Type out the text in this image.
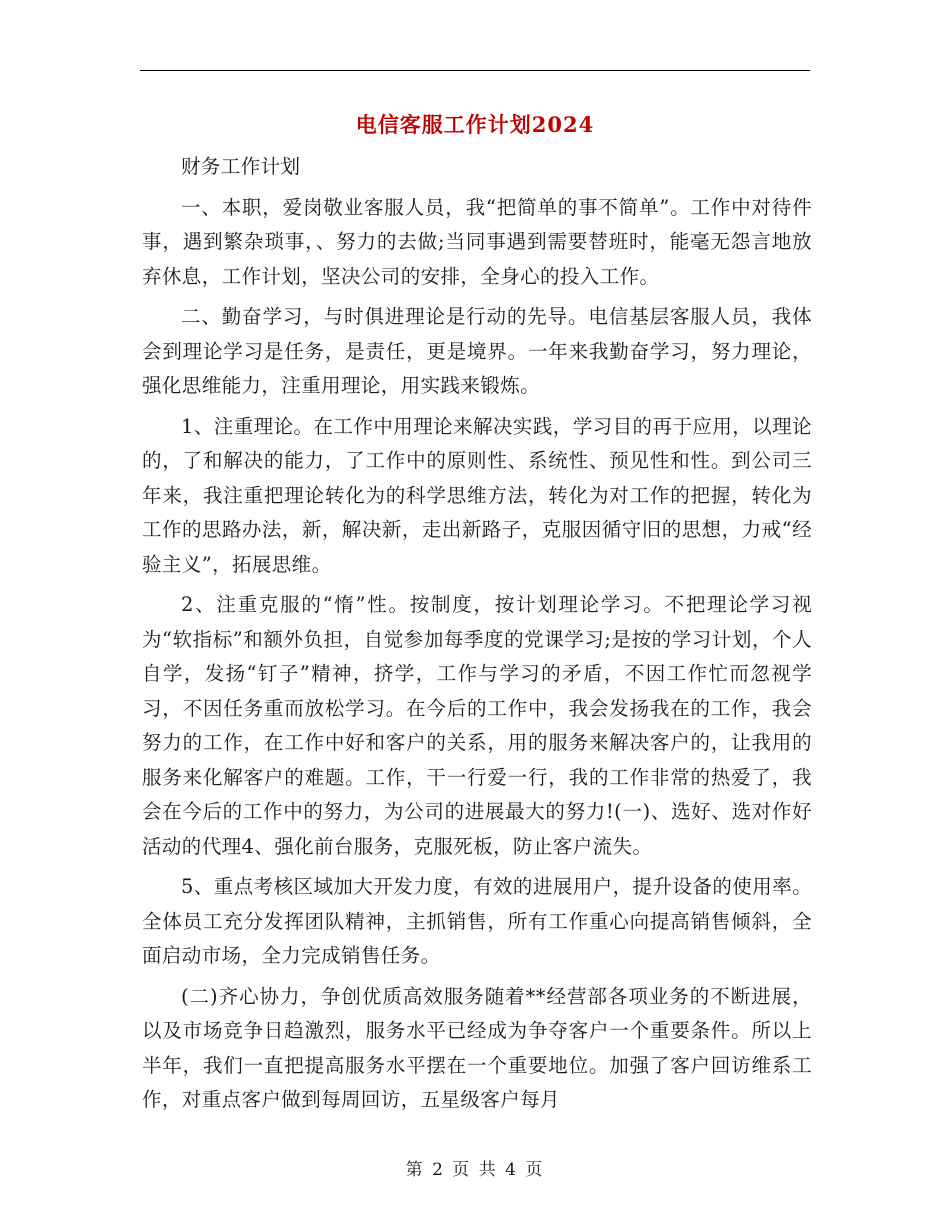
电信客服工作计划2024

财务工作计划

一、本职，爱岗敬业客服人员，我“把简单的事不简单”。工作中对待件事，遇到繁杂琐事，、努力的去做;当同事遇到需要替班时，能毫无怨言地放弃休息，工作计划，坚决公司的安排，全身心的投入工作。

二、勤奋学习，与时俱进理论是行动的先导。电信基层客服人员，我体会到理论学习是任务，是责任，更是境界。一年来我勤奋学习，努力理论，强化思维能力，注重用理论，用实践来锻炼。

1、注重理论。在工作中用理论来解决实践，学习目的再于应用，以理论的，了和解决的能力，了工作中的原则性、系统性、预见性和性。到公司三年来，我注重把理论转化为的科学思维方法，转化为对工作的把握，转化为工作的思路办法，新，解决新，走出新路子，克服因循守旧的思想，力戒“经验主义”，拓展思维。

2、注重克服的“惰”性。按制度，按计划理论学习。不把理论学习视为“软指标”和额外负担，自觉参加每季度的党课学习;是按的学习计划，个人自学，发扬“钉子”精神，挤学，工作与学习的矛盾，不因工作忙而忽视学习，不因任务重而放松学习。在今后的工作中，我会发扬我在的工作，我会努力的工作，在工作中好和客户的关系，用的服务来解决客户的，让我用的服务来化解客户的难题。工作，干一行爱一行，我的工作非常的热爱了，我会在今后的工作中的努力，为公司的进展最大的努力!(一)、选好、选对作好活动的代理4、强化前台服务，克服死板，防止客户流失。

5、重点考核区域加大开发力度，有效的进展用户，提升设备的使用率。全体员工充分发挥团队精神，主抓销售，所有工作重心向提高销售倾斜，全面启动市场，全力完成销售任务。

(二)齐心协力，争创优质高效服务随着**经营部各项业务的不断进展，以及市场竞争日趋激烈，服务水平已经成为争夺客户一个重要条件。所以上半年，我们一直把提高服务水平摆在一个重要地位。加强了客户回访维系工作，对重点客户做到每周回访，五星级客户每月

第 2 页 共 4 页
